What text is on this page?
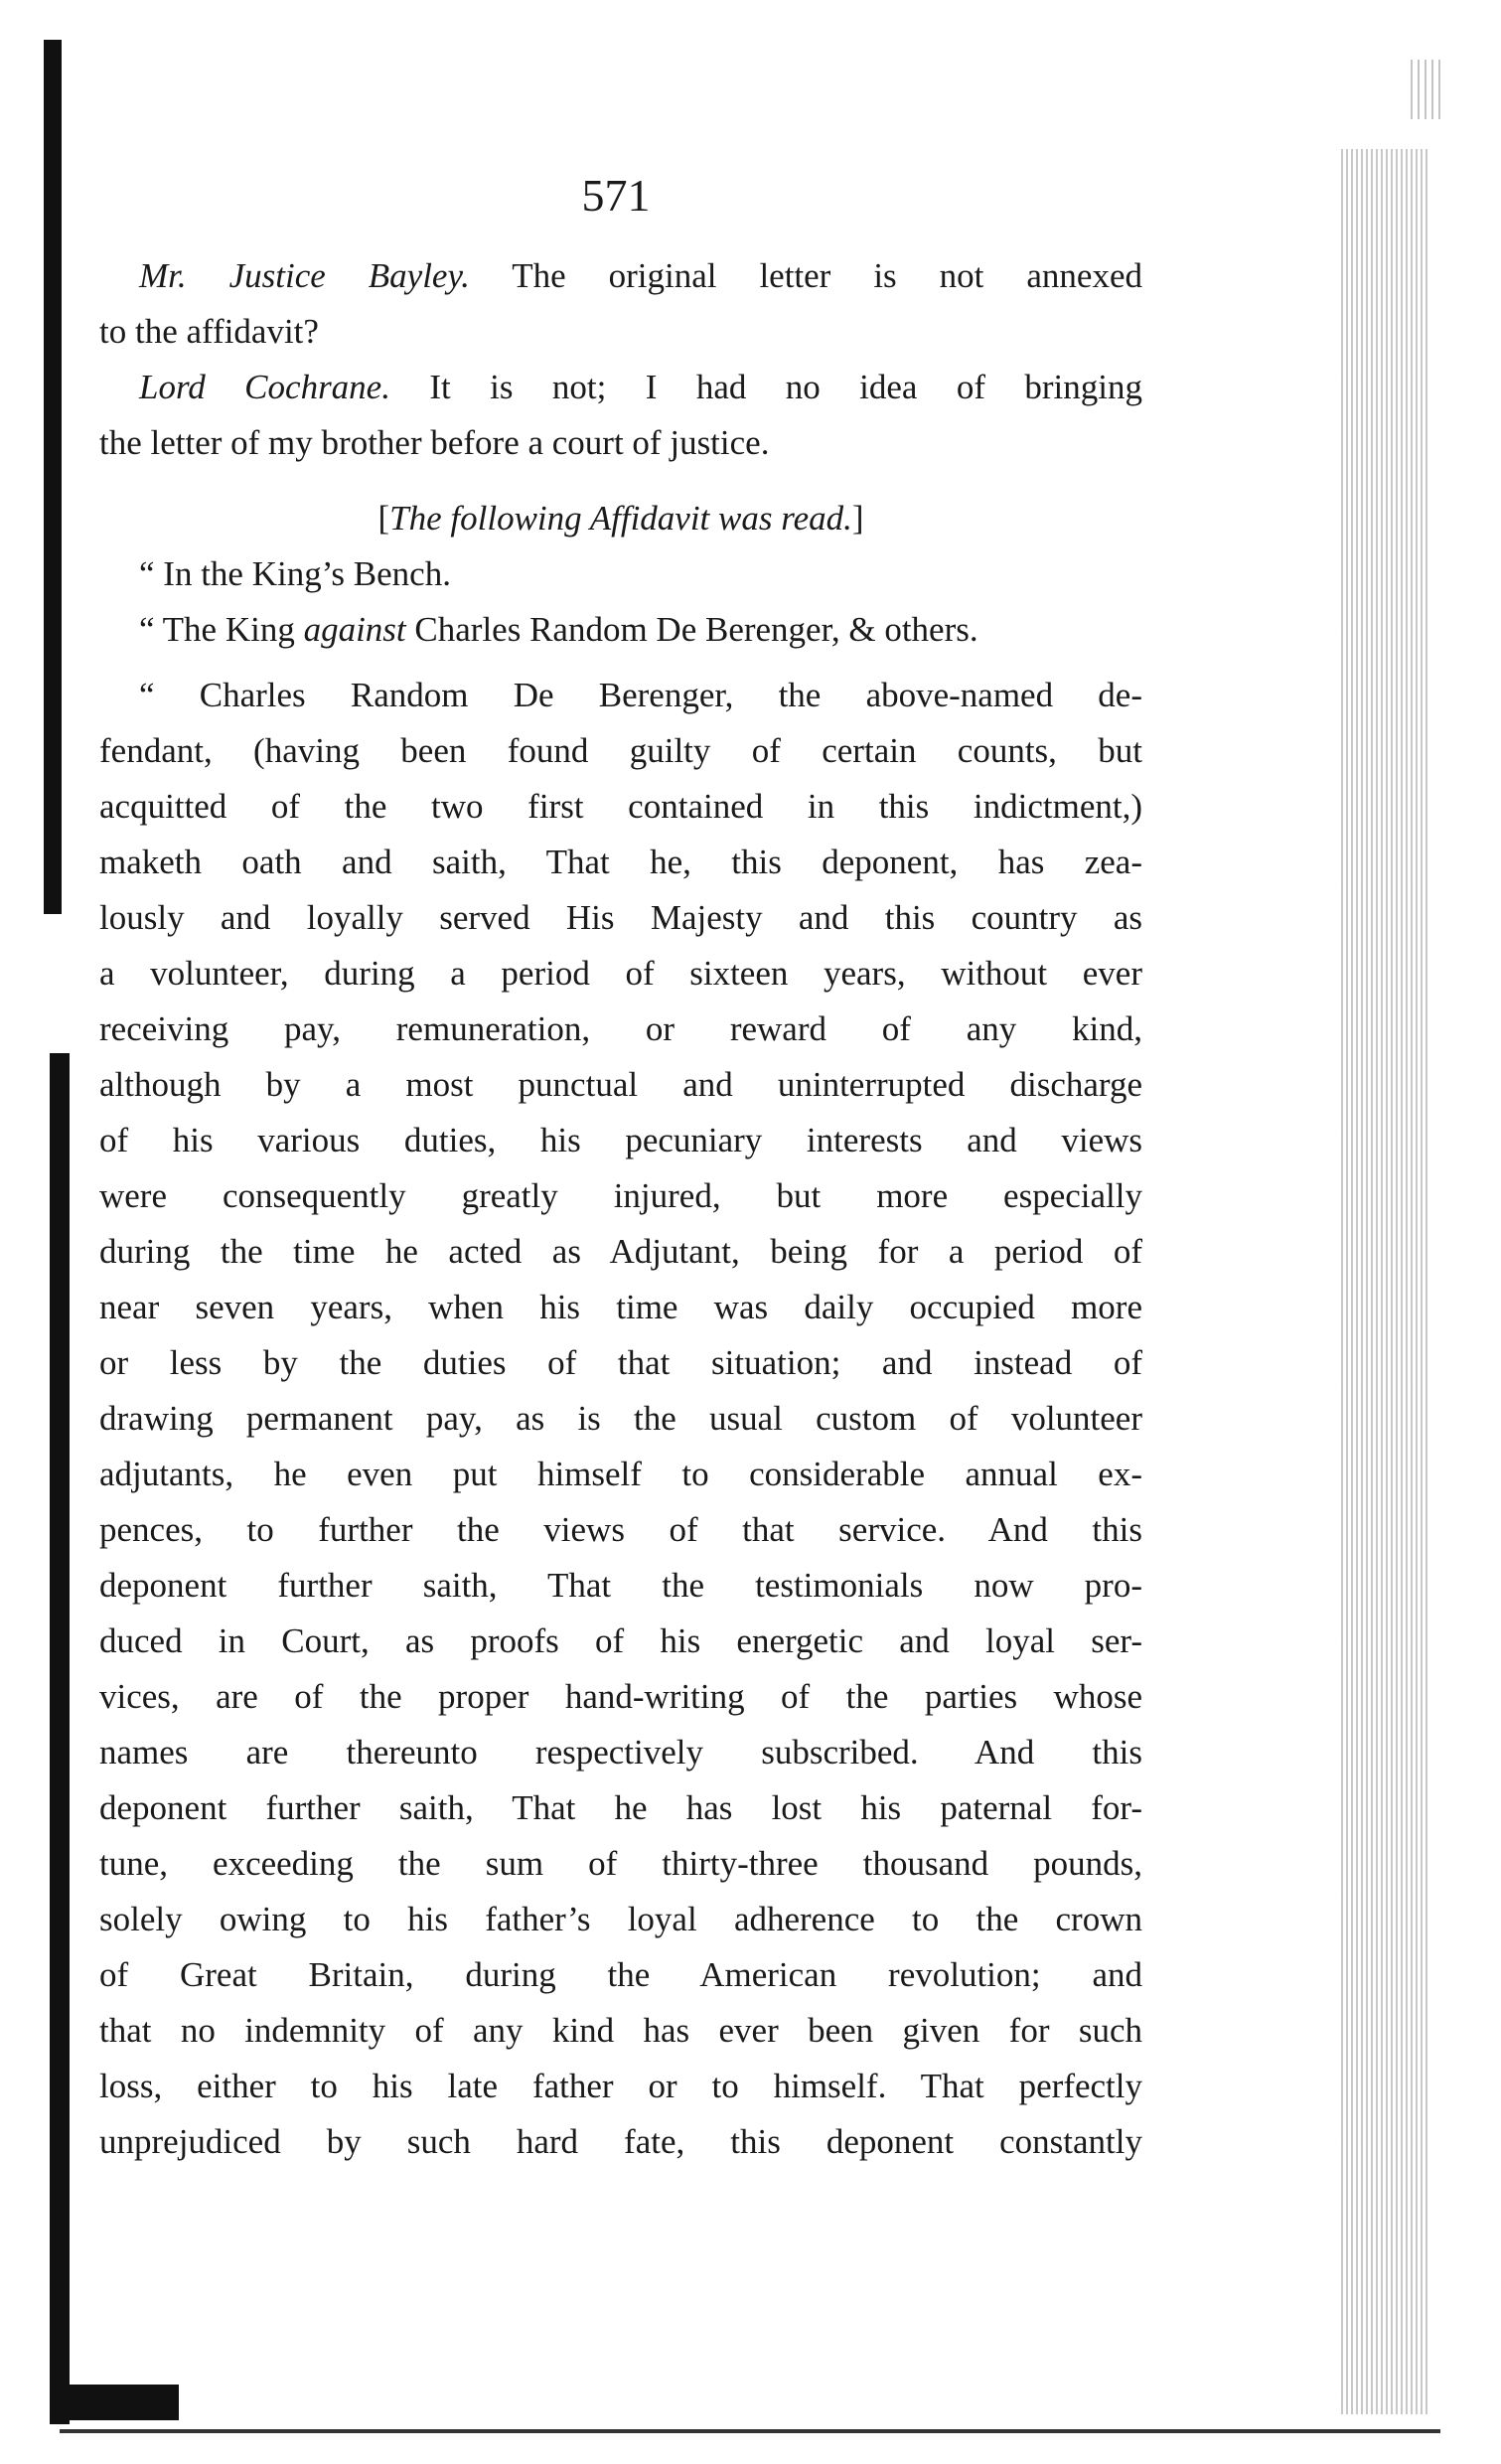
571
Mr. Justice Bayley. The original letter is not annexed
to the affidavit?
Lord Cochrane. It is not; I had no idea of bringing
the letter of my brother before a court of justice.
[The following Affidavit was read.]
“ In the King’s Bench.
“ The King against Charles Random De Berenger, & others.
“ Charles Random De Berenger, the above-named de-
fendant, (having been found guilty of certain counts, but
acquitted of the two first contained in this indictment,)
maketh oath and saith, That he, this deponent, has zea-
lously and loyally served His Majesty and this country as
a volunteer, during a period of sixteen years, without ever
receiving pay, remuneration, or reward of any kind,
although by a most punctual and uninterrupted discharge
of his various duties, his pecuniary interests and views
were consequently greatly injured, but more especially
during the time he acted as Adjutant, being for a period of
near seven years, when his time was daily occupied more
or less by the duties of that situation; and instead of
drawing permanent pay, as is the usual custom of volunteer
adjutants, he even put himself to considerable annual ex-
pences, to further the views of that service. And this
deponent further saith, That the testimonials now pro-
duced in Court, as proofs of his energetic and loyal ser-
vices, are of the proper hand-writing of the parties whose
names are thereunto respectively subscribed. And this
deponent further saith, That he has lost his paternal for-
tune, exceeding the sum of thirty-three thousand pounds,
solely owing to his father’s loyal adherence to the crown
of Great Britain, during the American revolution; and
that no indemnity of any kind has ever been given for such
loss, either to his late father or to himself. That perfectly
unprejudiced by such hard fate, this deponent constantly
